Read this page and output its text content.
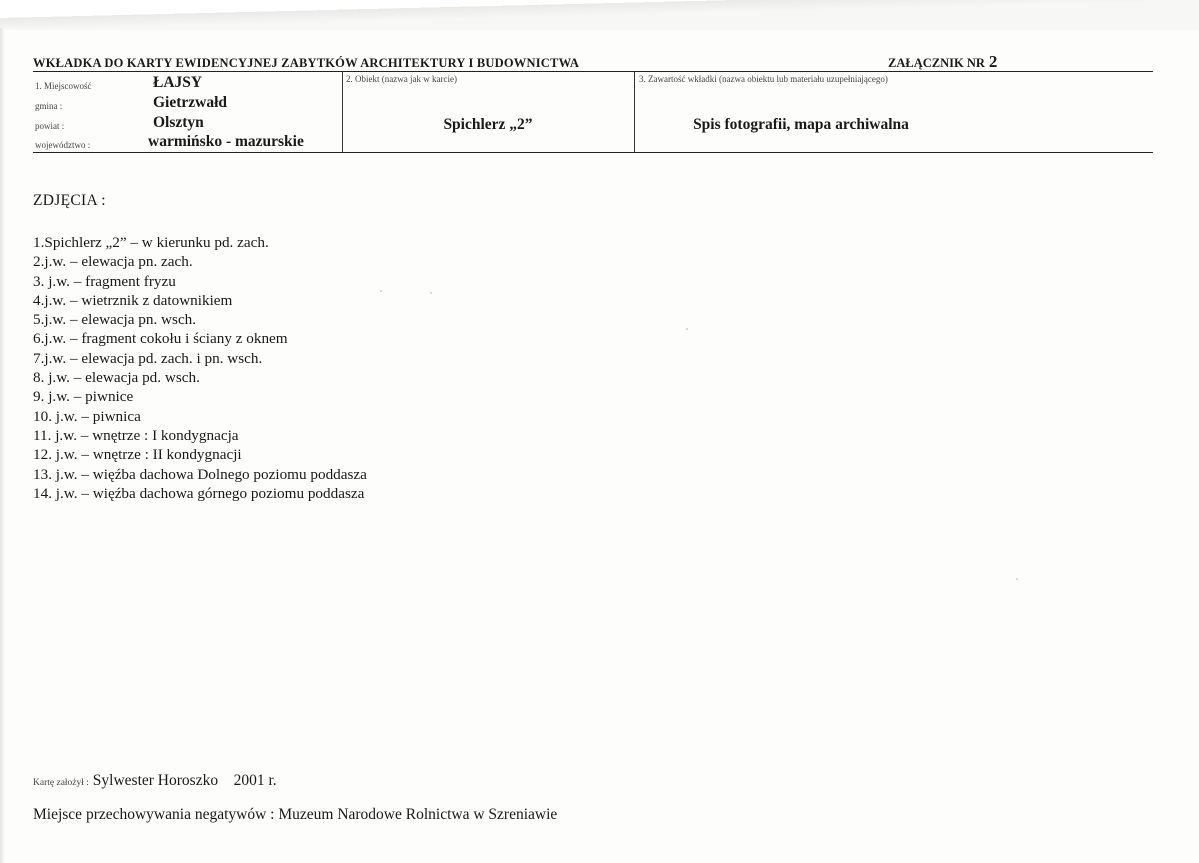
WKŁADKA DO KARTY EWIDENCYJNEJ ZABYTKÓW ARCHITEKTURY I BUDOWNICTWA	ZAŁĄCZNIK NR 2
1. Miejscowość	ŁAJSY
gmina :	Gietrzwałd
powiat :	Olsztyn
województwo :	warmińsko - mazurskie
2. Obiekt (nazwa jak w karcie)
Spichlerz „2”
3. Zawartość wkładki (nazwa obiektu lub materiału uzupełniającego)
Spis fotografii, mapa archiwalna
ZDJĘCIA :
1.Spichlerz „2” – w kierunku pd. zach.
2.j.w. – elewacja pn. zach.
3. j.w. – fragment fryzu
4.j.w. – wietrznik z datownikiem
5.j.w. – elewacja pn. wsch.
6.j.w. – fragment cokołu i ściany z oknem
7.j.w. – elewacja pd. zach. i pn. wsch.
8. j.w. – elewacja pd. wsch.
9. j.w. – piwnice
10. j.w. – piwnica
11. j.w. – wnętrze : I kondygnacja
12. j.w. – wnętrze : II kondygnacji
13. j.w. – więźba dachowa Dolnego poziomu poddasza
14. j.w. – więźba dachowa górnego poziomu poddasza
Kartę założył : Sylwester Horoszko 2001 r.
Miejsce przechowywania negatywów : Muzeum Narodowe Rolnictwa w Szreniawie
